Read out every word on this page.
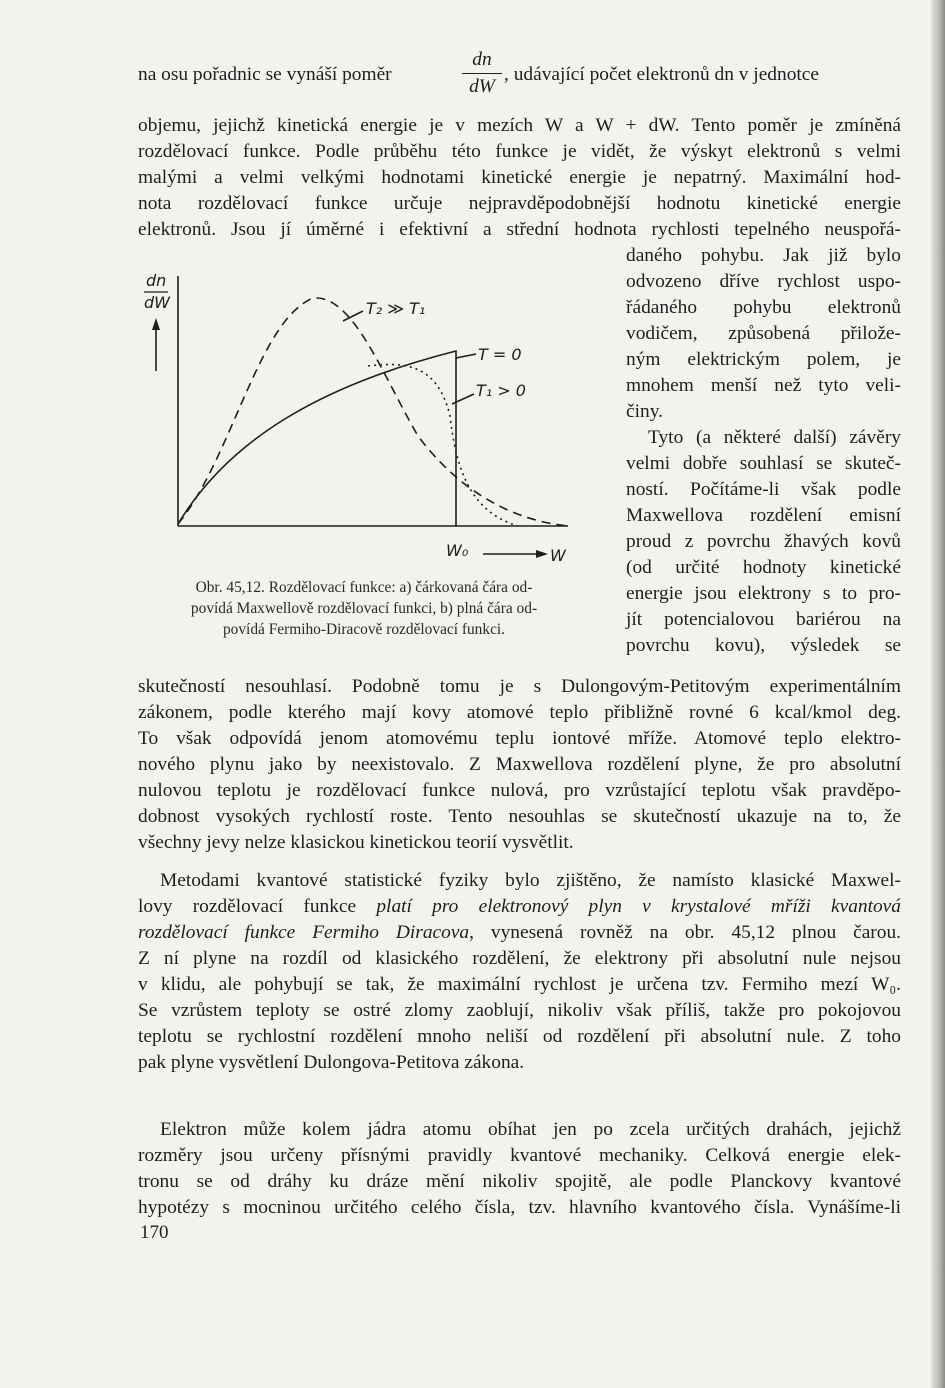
na osu pořadnic se vynáší poměr
dn
dW
, udávající počet elektronů dn v jednotce
objemu, jejichž kinetická energie je v mezích W a W + dW. Tento poměr je zmíněná
rozdělovací funkce. Podle průběhu této funkce je vidět, že výskyt elektronů s velmi
malými a velmi velkými hodnotami kinetické energie je nepatrný. Maximální hod-
nota rozdělovací funkce určuje nejpravděpodobnější hodnotu kinetické energie
elektronů. Jsou jí úměrné i efektivní a střední hodnota rychlosti tepelného neuspořá-
daného pohybu. Jak již bylo
odvozeno dříve rychlost uspo-
řádaného pohybu elektronů
vodičem, způsobená přilože-
ným elektrickým polem, je
mnohem menší než tyto veli-
činy.
Tyto (a některé další) závěry
velmi dobře souhlasí se skuteč-
ností. Počítáme-li však podle
Maxwellova rozdělení emisní
proud z povrchu žhavých kovů
(od určité hodnoty kinetické
energie jsou elektrony s to pro-
jít potencialovou bariérou na
povrchu kovu), výsledek se
dn
dW	T₂ ≫ T₁
T = 0
T₁ > 0
W₀	W
Obr. 45,12. Rozdělovací funkce: a) čárkovaná čára od-
povídá Maxwellově rozdělovací funkci, b) plná čára od-
povídá Fermiho-Diracově rozdělovací funkci.
skutečností nesouhlasí. Podobně tomu je s Dulongovým-Petitovým experimentálním
zákonem, podle kterého mají kovy atomové teplo přibližně rovné 6 kcal/kmol deg.
To však odpovídá jenom atomovému teplu iontové mříže. Atomové teplo elektro-
nového plynu jako by neexistovalo. Z Maxwellova rozdělení plyne, že pro absolutní
nulovou teplotu je rozdělovací funkce nulová, pro vzrůstající teplotu však pravděpo-
dobnost vysokých rychlostí roste. Tento nesouhlas se skutečností ukazuje na to, že
všechny jevy nelze klasickou kinetickou teorií vysvětlit.
Metodami kvantové statistické fyziky bylo zjištěno, že namísto klasické Maxwel-
lovy rozdělovací funkce platí pro elektronový plyn v krystalové mříži kvantová
rozdělovací funkce Fermiho Diracova, vynesená rovněž na obr. 45,12 plnou čarou.
Z ní plyne na rozdíl od klasického rozdělení, že elektrony při absolutní nule nejsou
v klidu, ale pohybují se tak, že maximální rychlost je určena tzv. Fermiho mezí W₀.
Se vzrůstem teploty se ostré zlomy zaoblují, nikoliv však příliš, takže pro pokojovou
teplotu se rychlostní rozdělení mnoho neliší od rozdělení při absolutní nule. Z toho
pak plyne vysvětlení Dulongova-Petitova zákona.
Elektron může kolem jádra atomu obíhat jen po zcela určitých drahách, jejichž
rozměry jsou určeny přísnými pravidly kvantové mechaniky. Celková energie elek-
tronu se od dráhy ku dráze mění nikoliv spojitě, ale podle Planckovy kvantové
hypotézy s mocninou určitého celého čísla, tzv. hlavního kvantového čísla. Vynášíme-li
170
